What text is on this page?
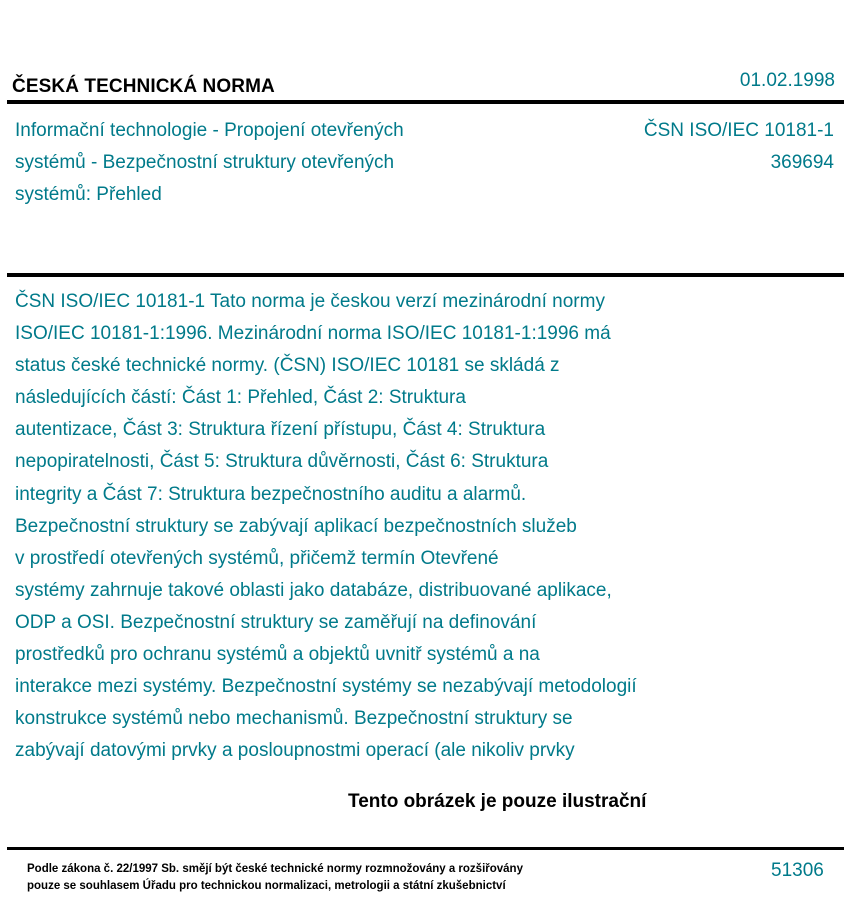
ČESKÁ TECHNICKÁ NORMA	01.02.1998
Informační technologie - Propojení otevřených
systémů - Bezpečnostní struktury otevřených
systémů: Přehled
ČSN ISO/IEC 10181-1
369694
ČSN ISO/IEC 10181-1 Tato norma je českou verzí mezinárodní normy
ISO/IEC 10181-1:1996. Mezinárodní norma ISO/IEC 10181-1:1996 má
status české technické normy. (ČSN) ISO/IEC 10181 se skládá z
následujících částí: Část 1: Přehled, Část 2: Struktura
autentizace, Část 3: Struktura řízení přístupu, Část 4: Struktura
nepopiratelnosti, Část 5: Struktura důvěrnosti, Část 6: Struktura
integrity a Část 7: Struktura bezpečnostního auditu a alarmů.
Bezpečnostní struktury se zabývají aplikací bezpečnostních služeb
v prostředí otevřených systémů, přičemž termín Otevřené
systémy zahrnuje takové oblasti jako databáze, distribuované aplikace,
ODP a OSI. Bezpečnostní struktury se zaměřují na definování
prostředků pro ochranu systémů a objektů uvnitř systémů a na
interakce mezi systémy. Bezpečnostní systémy se nezabývají metodologií
konstrukce systémů nebo mechanismů. Bezpečnostní struktury se
zabývají datovými prvky a posloupnostmi operací (ale nikoliv prvky
Tento obrázek je pouze ilustrační
Podle zákona č. 22/1997 Sb. smějí být české technické normy rozmnožovány a rozšiřovány
pouze se souhlasem Úřadu pro technickou normalizaci, metrologii a státní zkušebnictví
51306
